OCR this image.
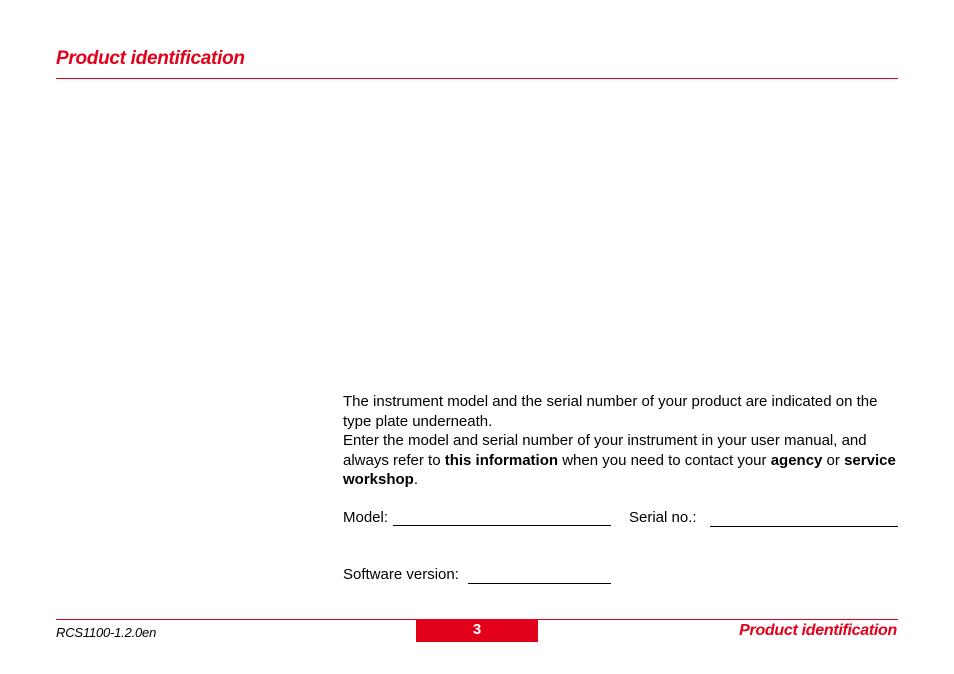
Product identification

The instrument model and the serial number of your product are indicated on the type plate underneath.

Enter the model and serial number of your instrument in your user manual, and always refer to this information when you need to contact your agency or service workshop.

Model:	Serial no.:
Software version:
RCS1100-1.2.0en	3	Product identification
